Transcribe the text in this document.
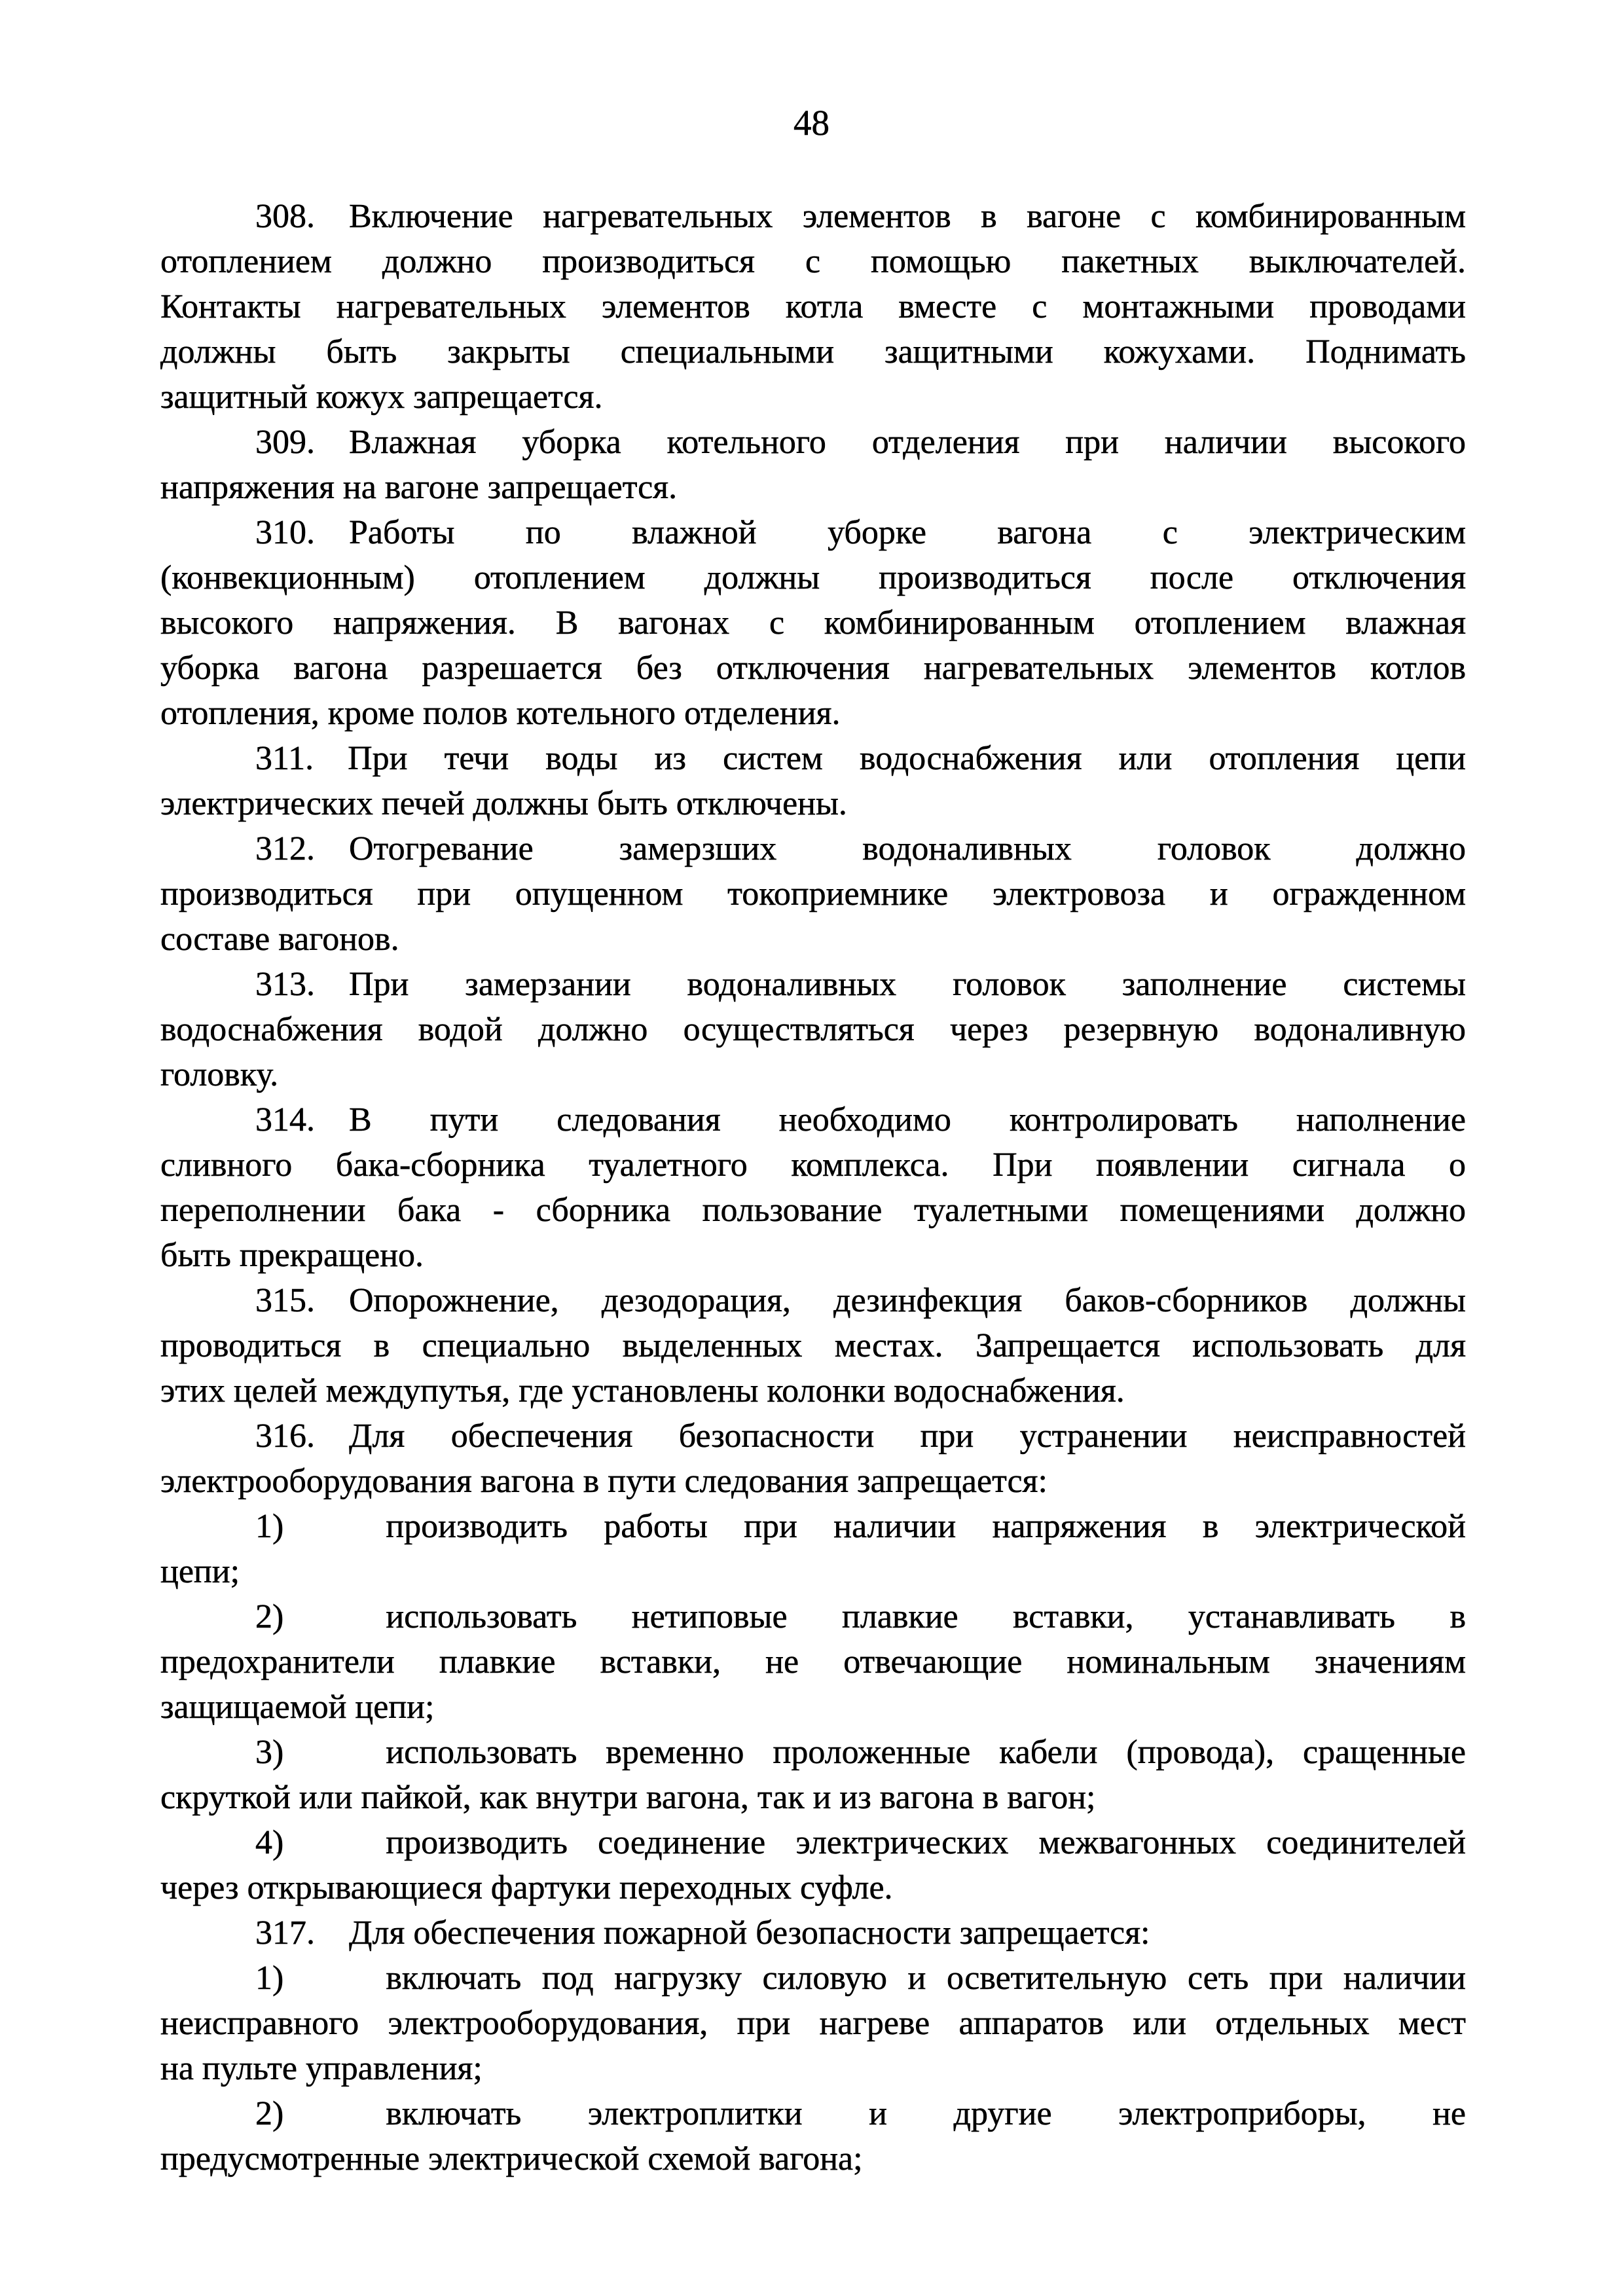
48
308.  Включение нагревательных элементов в вагоне с комбинированным
отоплением должно производиться с помощью пакетных выключателей.
Контакты нагревательных элементов котла вместе с монтажными проводами
должны быть закрыты специальными защитными кожухами. Поднимать
защитный кожух запрещается.
309.  Влажная уборка котельного отделения при наличии высокого
напряжения на вагоне запрещается.
310.  Работы по влажной уборке вагона с электрическим
(конвекционным) отоплением должны производиться после отключения
высокого напряжения. В вагонах с комбинированным отоплением влажная
уборка вагона разрешается без отключения нагревательных элементов котлов
отопления, кроме полов котельного отделения.
311.  При течи воды из систем водоснабжения или отопления цепи
электрических печей должны быть отключены.
312.  Отогревание замерзших водоналивных головок должно
производиться при опущенном токоприемнике электровоза и огражденном
составе вагонов.
313.  При замерзании водоналивных головок заполнение системы
водоснабжения водой должно осуществляться через резервную водоналивную
головку.
314.  В пути следования необходимо контролировать наполнение
сливного бака-сборника туалетного комплекса. При появлении сигнала о
переполнении бака - сборника пользование туалетными помещениями должно
быть прекращено.
315.  Опорожнение, дезодорация, дезинфекция баков-сборников должны
проводиться в специально выделенных местах. Запрещается использовать для
этих целей междупутья, где установлены колонки водоснабжения.
316.  Для обеспечения безопасности при устранении неисправностей
электрооборудования вагона в пути следования запрещается:
1)   производить работы при наличии напряжения в электрической
цепи;
2)   использовать нетиповые плавкие вставки, устанавливать в
предохранители плавкие вставки, не отвечающие номинальным значениям
защищаемой цепи;
3)   использовать временно проложенные кабели (провода), сращенные
скруткой или пайкой, как внутри вагона, так и из вагона в вагон;
4)   производить соединение электрических межвагонных соединителей
через открывающиеся фартуки переходных суфле.
317.  Для обеспечения пожарной безопасности запрещается:
1)   включать под нагрузку силовую и осветительную сеть при наличии
неисправного электрооборудования, при нагреве аппаратов или отдельных мест
на пульте управления;
2)   включать электроплитки и другие электроприборы, не
предусмотренные электрической схемой вагона;
